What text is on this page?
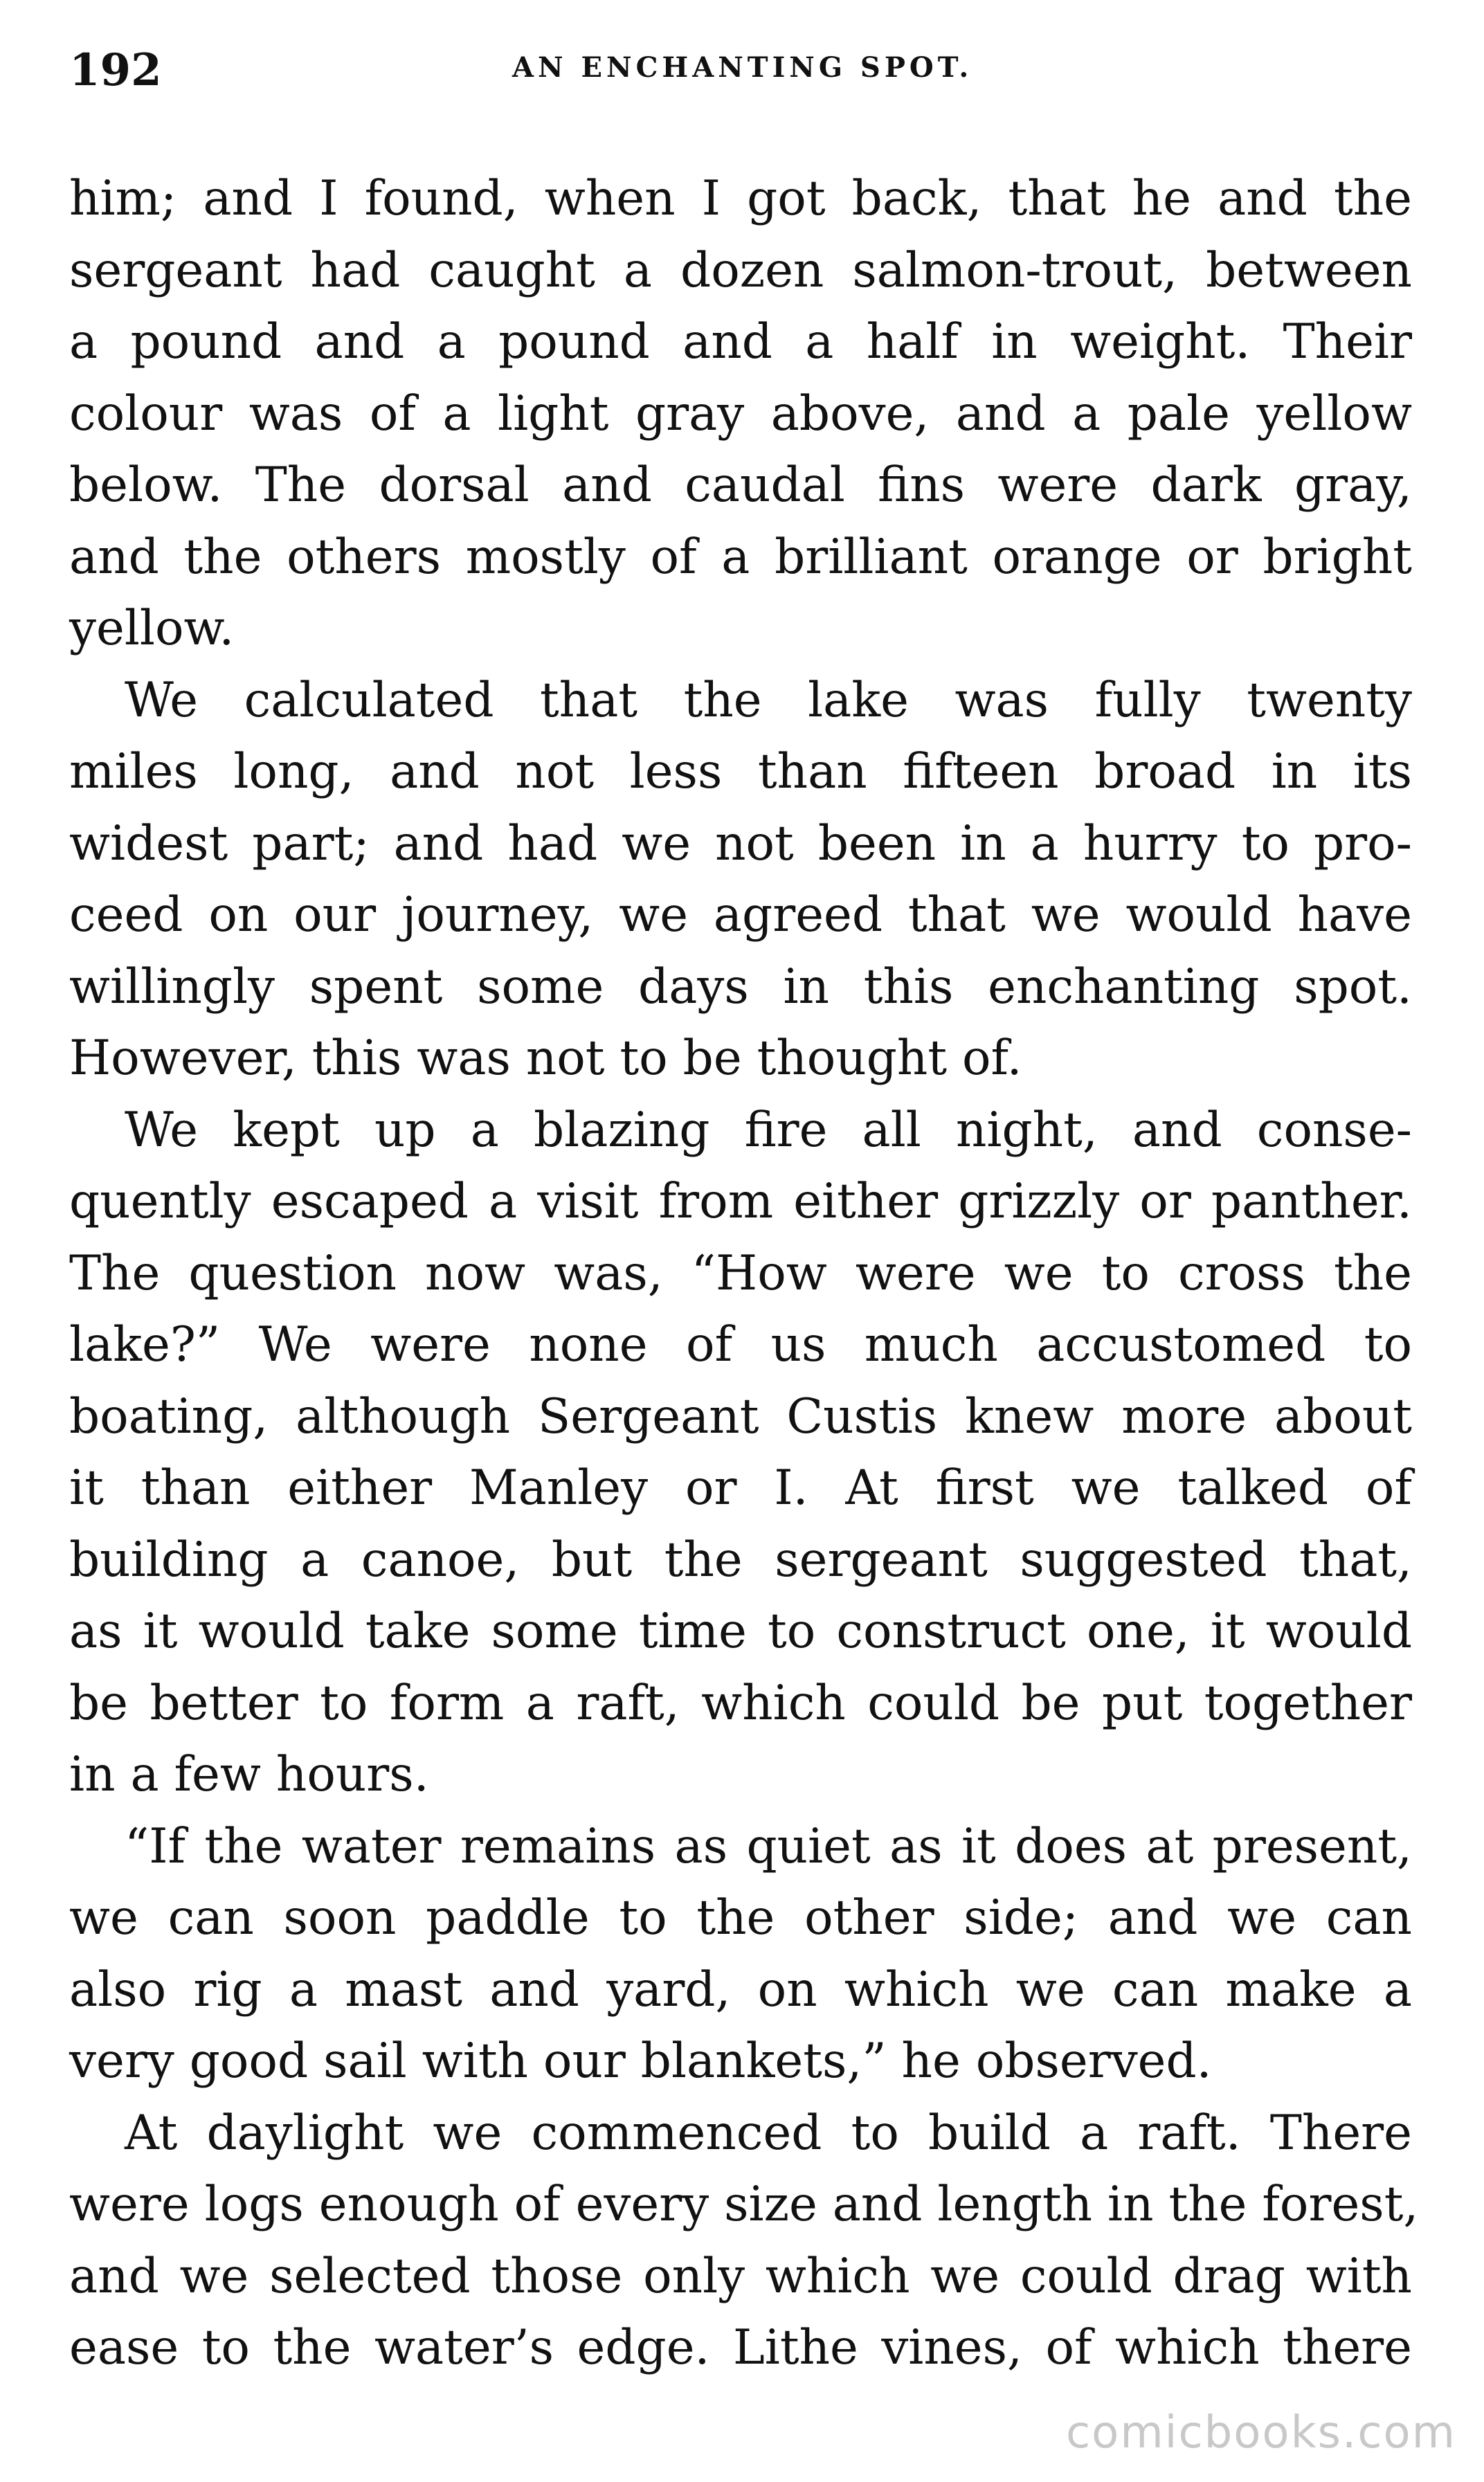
192	AN ENCHANTING SPOT.

him; and I found, when I got back, that he and the
sergeant had caught a dozen salmon-trout, between
a pound and a pound and a half in weight. Their
colour was of a light gray above, and a pale yellow
below. The dorsal and caudal fins were dark gray,
and the others mostly of a brilliant orange or bright
yellow.

We calculated that the lake was fully twenty
miles long, and not less than fifteen broad in its
widest part; and had we not been in a hurry to pro-
ceed on our journey, we agreed that we would have
willingly spent some days in this enchanting spot.
However, this was not to be thought of.

We kept up a blazing fire all night, and conse-
quently escaped a visit from either grizzly or panther.
The question now was, “How were we to cross the
lake?” We were none of us much accustomed to
boating, although Sergeant Custis knew more about
it than either Manley or I. At first we talked of
building a canoe, but the sergeant suggested that,
as it would take some time to construct one, it would
be better to form a raft, which could be put together
in a few hours.

“If the water remains as quiet as it does at present,
we can soon paddle to the other side; and we can
also rig a mast and yard, on which we can make a
very good sail with our blankets,” he observed.

At daylight we commenced to build a raft. There
were logs enough of every size and length in the forest,
and we selected those only which we could drag with
ease to the water’s edge. Lithe vines, of which there

comicbooks.com
